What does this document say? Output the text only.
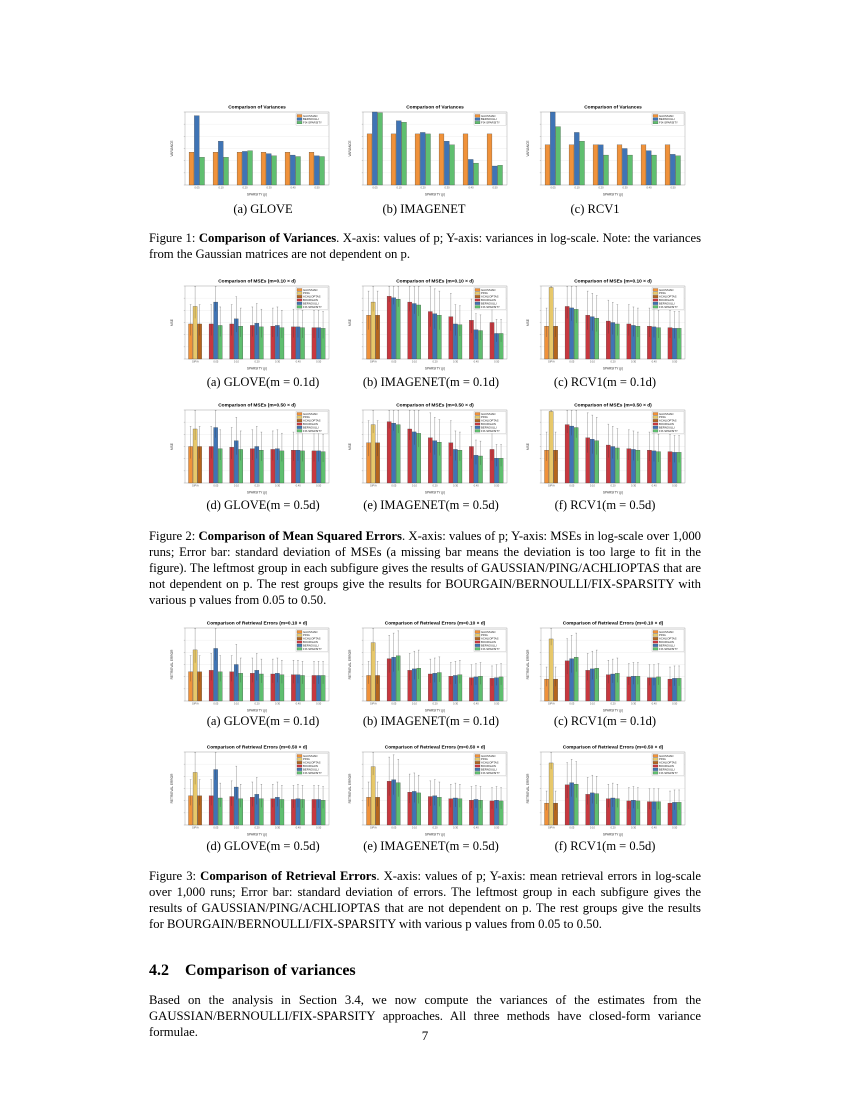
Comparison of Variances
VARIANCE
SPARSITY (p)
0.05	0.10	0.20	0.30	0.40	0.50
GAUSSIAN
BERNOULLI
FIX-SPARSITY
Comparison of Variances
VARIANCE
SPARSITY (p)
0.05	0.10	0.20	0.30	0.40	0.50
GAUSSIAN
BERNOULLI
FIX-SPARSITY
Comparison of Variances
VARIANCE
SPARSITY (p)
0.05	0.10	0.20	0.30	0.40	0.50
GAUSSIAN
BERNOULLI
FIX-SPARSITY
(a) GLOVE	(b) IMAGENET	(c) RCV1
Figure 1: Comparison of Variances. X-axis: values of p; Y-axis: variances in log-scale. Note: the variances from the Gaussian matrices are not dependent on p.
Comparison of MSEs (m=0.10 × d)
MSE
SPARSITY (p)
G/P/A	0.05	0.10	0.20	0.30	0.40	0.50
GAUSSIAN
PING
ACHLIOPTAS
BOURGAIN
BERNOULLI
FIX-SPARSITY
Comparison of MSEs (m=0.10 × d)
MSE
SPARSITY (p)
G/P/A	0.05	0.10	0.20	0.30	0.40	0.50
GAUSSIAN
PING
ACHLIOPTAS
BOURGAIN
BERNOULLI
FIX-SPARSITY
Comparison of MSEs (m=0.10 × d)
MSE
SPARSITY (p)
G/P/A	0.05	0.10	0.20	0.30	0.40	0.50
GAUSSIAN
PING
ACHLIOPTAS
BOURGAIN
BERNOULLI
FIX-SPARSITY
(a) GLOVE(m = 0.1d)	(b) IMAGENET(m = 0.1d)	(c) RCV1(m = 0.1d)
Comparison of MSEs (m=0.50 × d)
MSE
SPARSITY (p)
G/P/A	0.05	0.10	0.20	0.30	0.40	0.50
GAUSSIAN
PING
ACHLIOPTAS
BOURGAIN
BERNOULLI
FIX-SPARSITY
Comparison of MSEs (m=0.50 × d)
MSE
SPARSITY (p)
G/P/A	0.05	0.10	0.20	0.30	0.40	0.50
GAUSSIAN
PING
ACHLIOPTAS
BOURGAIN
BERNOULLI
FIX-SPARSITY
Comparison of MSEs (m=0.50 × d)
MSE
SPARSITY (p)
G/P/A	0.05	0.10	0.20	0.30	0.40	0.50
GAUSSIAN
PING
ACHLIOPTAS
BOURGAIN
BERNOULLI
FIX-SPARSITY
(d) GLOVE(m = 0.5d)	(e) IMAGENET(m = 0.5d)	(f) RCV1(m = 0.5d)
Figure 2: Comparison of Mean Squared Errors. X-axis: values of p; Y-axis: MSEs in log-scale over 1,000 runs; Error bar: standard deviation of MSEs (a missing bar means the deviation is too large to fit in the figure). The leftmost group in each subfigure gives the results of GAUSSIAN/PING/ACHLIOPTAS that are not dependent on p. The rest groups give the results for BOURGAIN/BERNOULLI/FIX-SPARSITY with various p values from 0.05 to 0.50.
Comparison of Retrieval Errors (m=0.10 × d)
RETRIEVAL ERROR
SPARSITY (p)
G/P/A	0.05	0.10	0.20	0.30	0.40	0.50
GAUSSIAN
PING
ACHLIOPTAS
BOURGAIN
BERNOULLI
FIX-SPARSITY
Comparison of Retrieval Errors (m=0.10 × d)
RETRIEVAL ERROR
SPARSITY (p)
G/P/A	0.05	0.10	0.20	0.30	0.40	0.50
GAUSSIAN
PING
ACHLIOPTAS
BOURGAIN
BERNOULLI
FIX-SPARSITY
Comparison of Retrieval Errors (m=0.10 × d)
RETRIEVAL ERROR
SPARSITY (p)
G/P/A	0.05	0.10	0.20	0.30	0.40	0.50
GAUSSIAN
PING
ACHLIOPTAS
BOURGAIN
BERNOULLI
FIX-SPARSITY
(a) GLOVE(m = 0.1d)	(b) IMAGENET(m = 0.1d)	(c) RCV1(m = 0.1d)
Comparison of Retrieval Errors (m=0.50 × d)
RETRIEVAL ERROR
SPARSITY (p)
G/P/A	0.05	0.10	0.20	0.30	0.40	0.50
GAUSSIAN
PING
ACHLIOPTAS
BOURGAIN
BERNOULLI
FIX-SPARSITY
Comparison of Retrieval Errors (m=0.50 × d)
RETRIEVAL ERROR
SPARSITY (p)
G/P/A	0.05	0.10	0.20	0.30	0.40	0.50
GAUSSIAN
PING
ACHLIOPTAS
BOURGAIN
BERNOULLI
FIX-SPARSITY
Comparison of Retrieval Errors (m=0.50 × d)
RETRIEVAL ERROR
SPARSITY (p)
G/P/A	0.05	0.10	0.20	0.30	0.40	0.50
GAUSSIAN
PING
ACHLIOPTAS
BOURGAIN
BERNOULLI
FIX-SPARSITY
(d) GLOVE(m = 0.5d)	(e) IMAGENET(m = 0.5d)	(f) RCV1(m = 0.5d)
Figure 3: Comparison of Retrieval Errors. X-axis: values of p; Y-axis: mean retrieval errors in log-scale over 1,000 runs; Error bar: standard deviation of errors. The leftmost group in each subfigure gives the results of GAUSSIAN/PING/ACHLIOPTAS that are not dependent on p. The rest groups give the results for BOURGAIN/BERNOULLI/FIX-SPARSITY with various p values from 0.05 to 0.50.
4.2 Comparison of variances
Based on the analysis in Section 3.4, we now compute the variances of the estimates from the GAUSSIAN/BERNOULLI/FIX-SPARSITY approaches. All three methods have closed-form variance formulae.	7
